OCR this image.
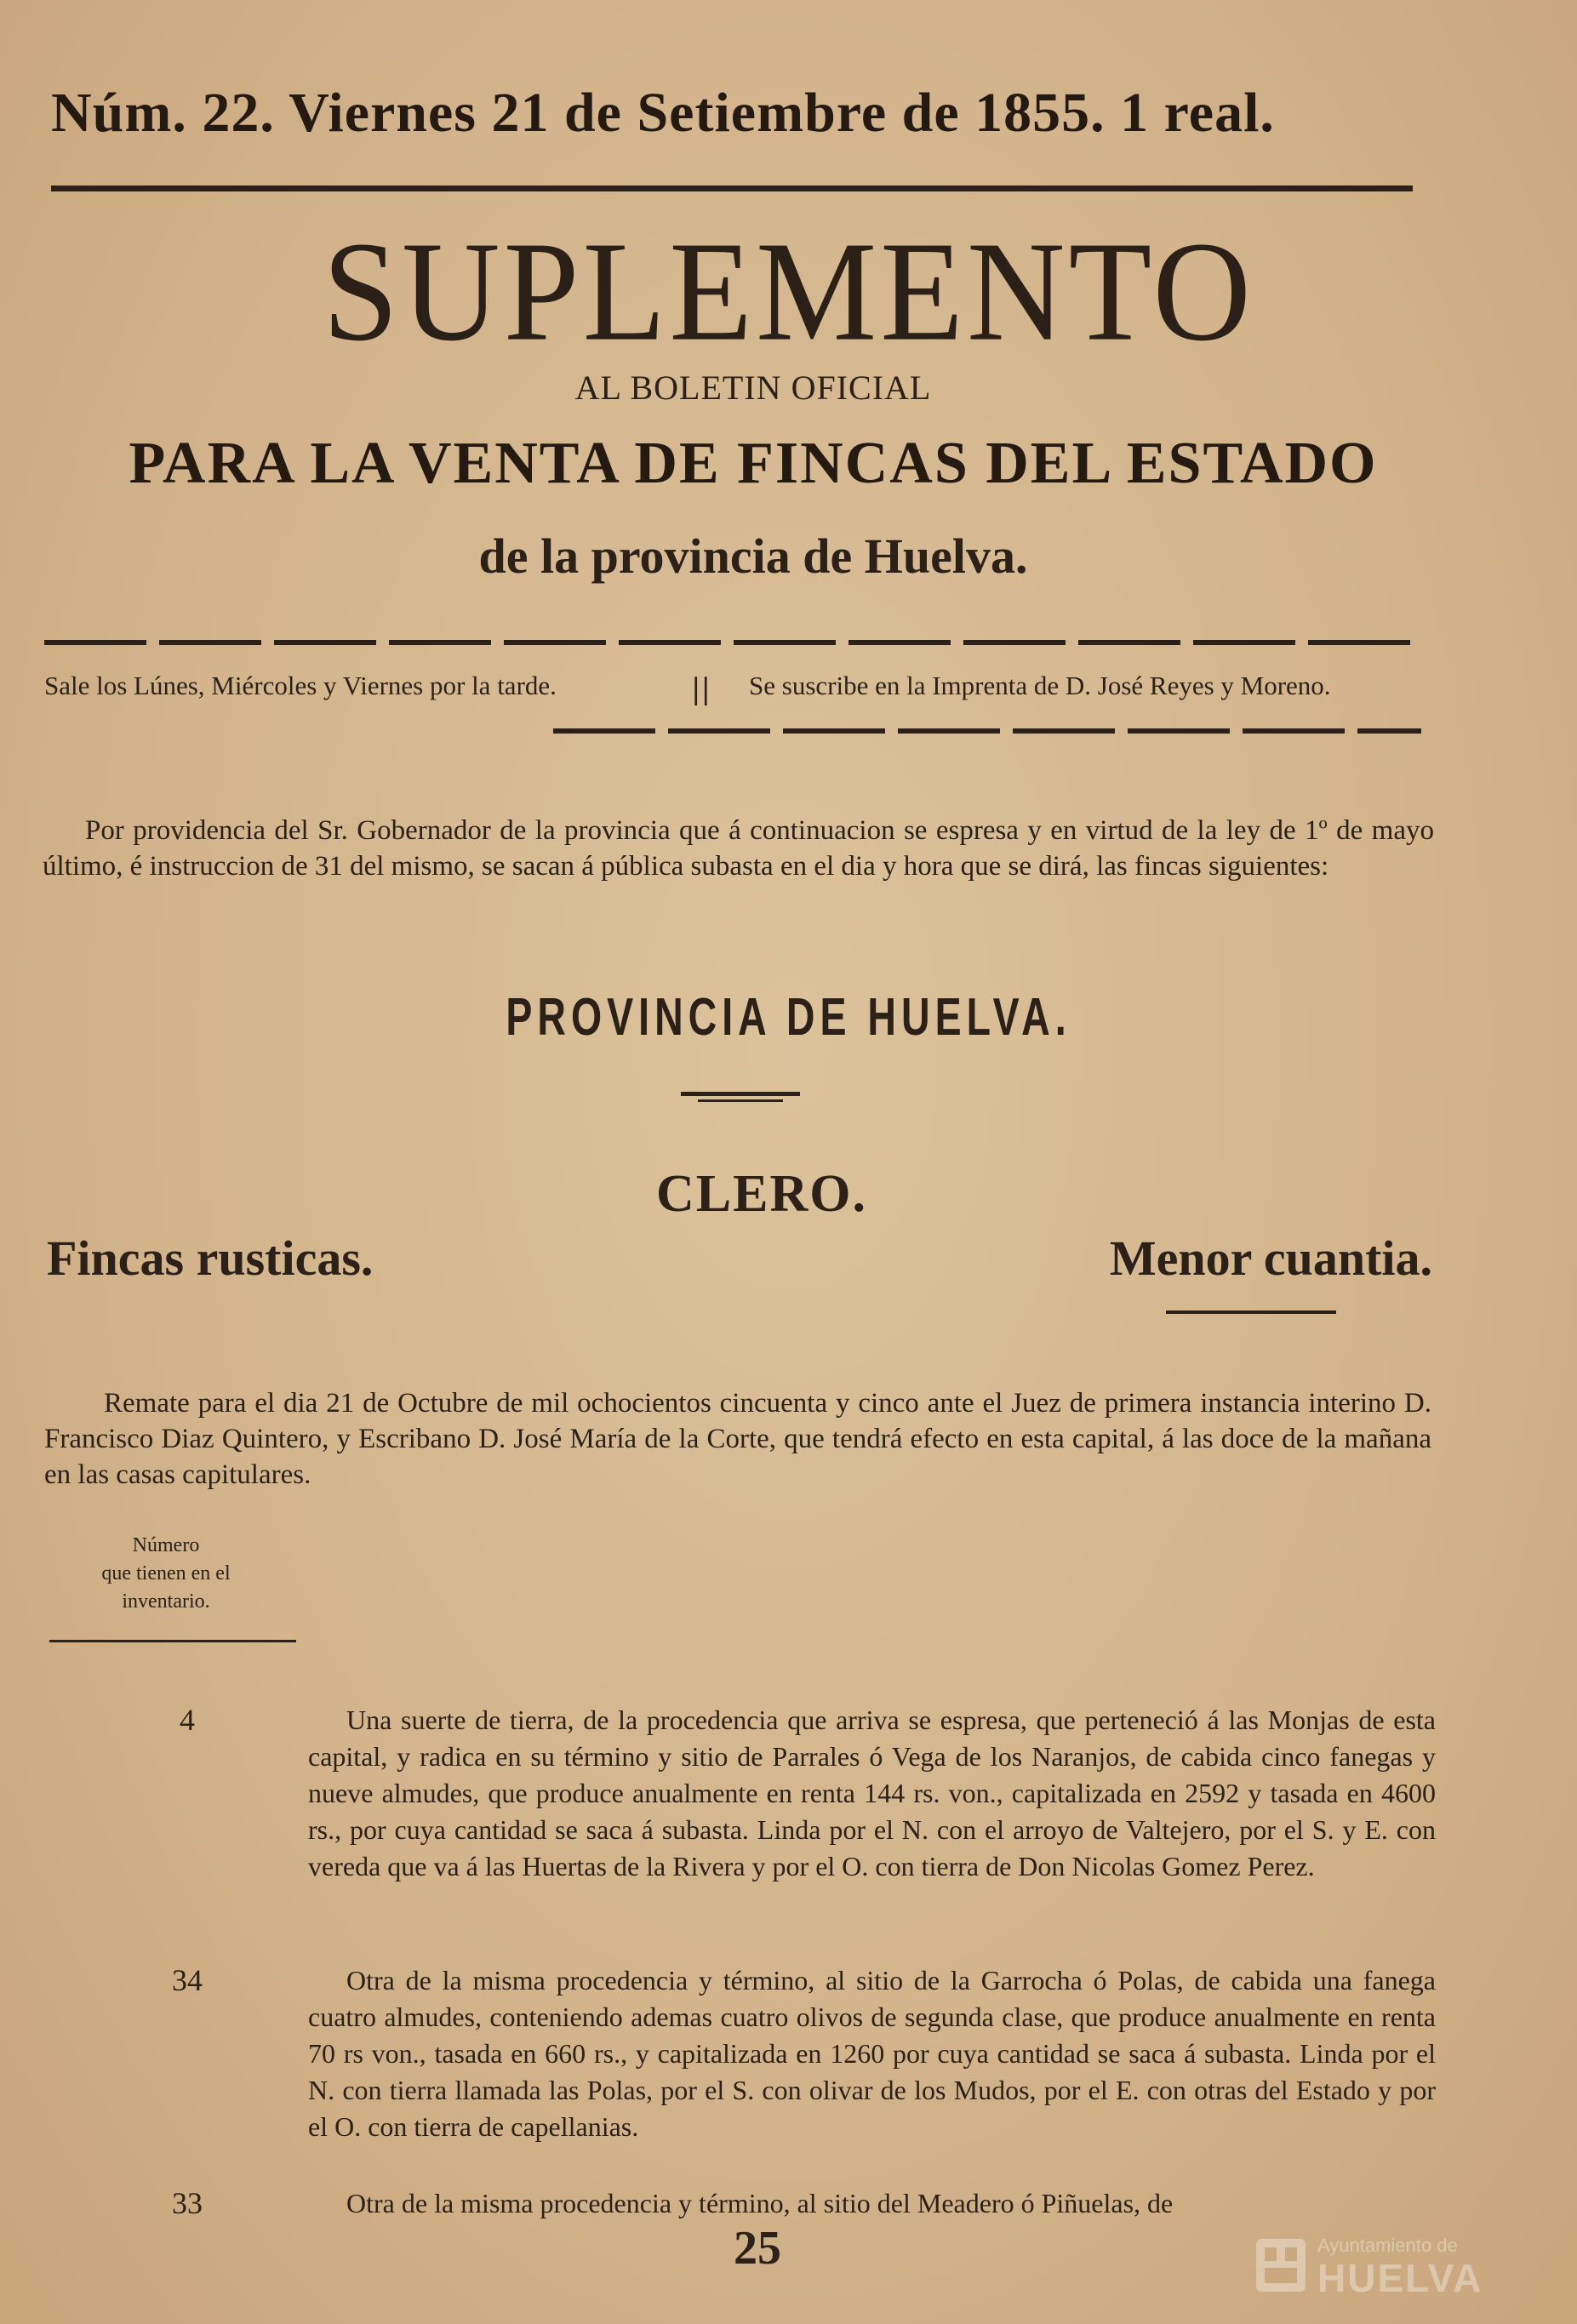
Núm. 22. Viernes 21 de Setiembre de 1855. 1 real.
SUPLEMENTO
AL BOLETIN OFICIAL
PARA LA VENTA DE FINCAS DEL ESTADO
de la provincia de Huelva.
Sale los Lúnes, Miércoles y Viernes por la tarde.	|| Se suscribe en la Imprenta de D. José Reyes y Moreno.
Por providencia del Sr. Gobernador de la provincia que á continuacion se espresa y en virtud de la ley de 1º de mayo último, é instruccion de 31 del mismo, se sacan á pública subasta en el dia y hora que se dirá, las fincas siguientes:
PROVINCIA DE HUELVA.
CLERO.
Fincas rusticas.	Menor cuantia.
Remate para el dia 21 de Octubre de mil ochocientos cincuenta y cinco ante el Juez de primera instancia interino D. Francisco Diaz Quintero, y Escribano D. José María de la Corte, que tendrá efecto en esta capital, á las doce de la mañana en las casas capitulares.
Número
que tienen en el
inventario.
4	Una suerte de tierra, de la procedencia que arriva se espresa, que perteneció á las Monjas de esta capital, y radica en su término y sitio de Parrales ó Vega de los Naranjos, de cabida cinco fanegas y nueve almudes, que produce anualmente en renta 144 rs. von., capitalizada en 2592 y tasada en 4600 rs., por cuya cantidad se saca á subasta. Linda por el N. con el arroyo de Valtejero, por el S. y E. con vereda que va á las Huertas de la Rivera y por el O. con tierra de Don Nicolas Gomez Perez.
34	Otra de la misma procedencia y término, al sitio de la Garrocha ó Polas, de cabida una fanega cuatro almudes, conteniendo ademas cuatro olivos de segunda clase, que produce anualmente en renta 70 rs von., tasada en 660 rs., y capitalizada en 1260 por cuya cantidad se saca á subasta. Linda por el N. con tierra llamada las Polas, por el S. con olivar de los Mudos, por el E. con otras del Estado y por el O. con tierra de capellanias.
33	Otra de la misma procedencia y término, al sitio del Meadero ó Piñuelas, de
25	Ayuntamiento de
HUELVA
